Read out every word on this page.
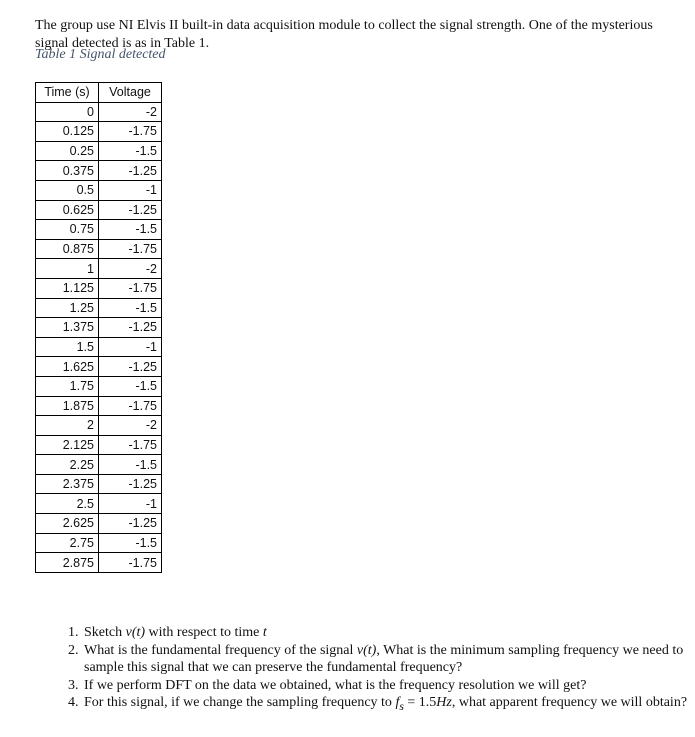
The group use NI Elvis II built-in data acquisition module to collect the signal strength. One of the mysterious signal detected is as in Table 1.

Table 1 Signal detected
Time (s)	Voltage
0	-2
0.125	-1.75
0.25	-1.5
0.375	-1.25
0.5	-1
0.625	-1.25
0.75	-1.5
0.875	-1.75
1	-2
1.125	-1.75
1.25	-1.5
1.375	-1.25
1.5	-1
1.625	-1.25
1.75	-1.5
1.875	-1.75
2	-2
2.125	-1.75
2.25	-1.5
2.375	-1.25
2.5	-1
2.625	-1.25
2.75	-1.5
2.875	-1.75
1. Sketch v(t) with respect to time t
2. What is the fundamental frequency of the signal v(t), What is the minimum sampling frequency we need to sample this signal that we can preserve the fundamental frequency?
3. If we perform DFT on the data we obtained, what is the frequency resolution we will get?
4. For this signal, if we change the sampling frequency to $f_s = 1.5Hz$, what apparent frequency we will obtain?
